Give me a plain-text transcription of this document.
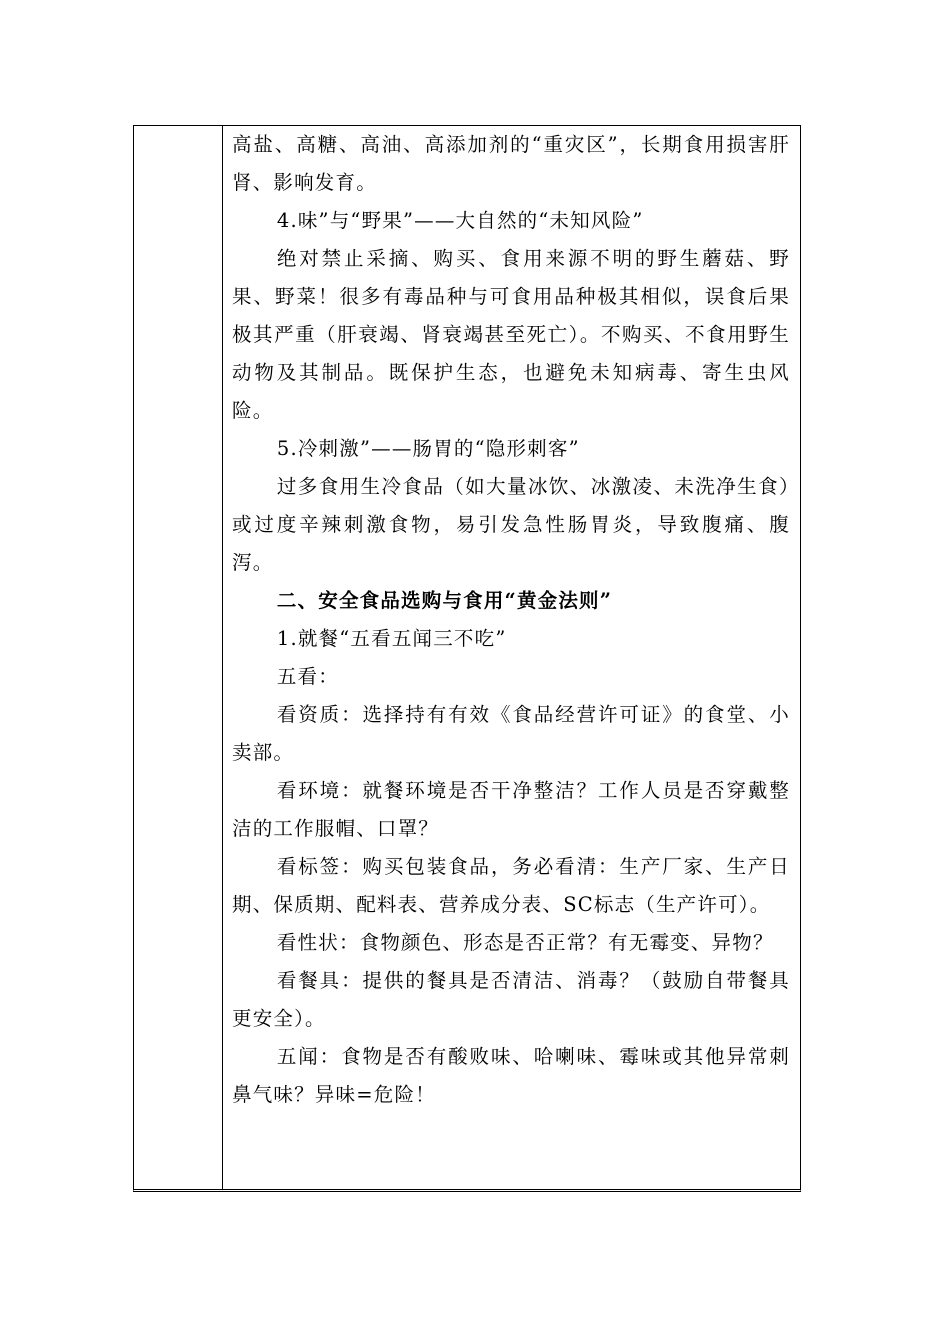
高盐、高糖、高油、高添加剂的“重灾区”，长期食用损害肝肾、影响发育。

4.味”与“野果”——大自然的“未知风险”

绝对禁止采摘、购买、食用来源不明的野生蘑菇、野果、野菜！很多有毒品种与可食用品种极其相似，误食后果极其严重（肝衰竭、肾衰竭甚至死亡）。不购买、不食用野生动物及其制品。既保护生态，也避免未知病毒、寄生虫风险。

5.冷刺激”——肠胃的“隐形刺客”

过多食用生冷食品（如大量冰饮、冰激凌、未洗净生食）或过度辛辣刺激食物，易引发急性肠胃炎，导致腹痛、腹泻。

二、安全食品选购与食用“黄金法则”

1.就餐“五看五闻三不吃”

五看：

看资质：选择持有有效《食品经营许可证》的食堂、小卖部。

看环境：就餐环境是否干净整洁？工作人员是否穿戴整洁的工作服帽、口罩？

看标签：购买包装食品，务必看清：生产厂家、生产日期、保质期、配料表、营养成分表、SC标志（生产许可）。

看性状：食物颜色、形态是否正常？有无霉变、异物？

看餐具：提供的餐具是否清洁、消毒？（鼓励自带餐具更安全）。

五闻：食物是否有酸败味、哈喇味、霉味或其他异常刺鼻气味？异味=危险！
